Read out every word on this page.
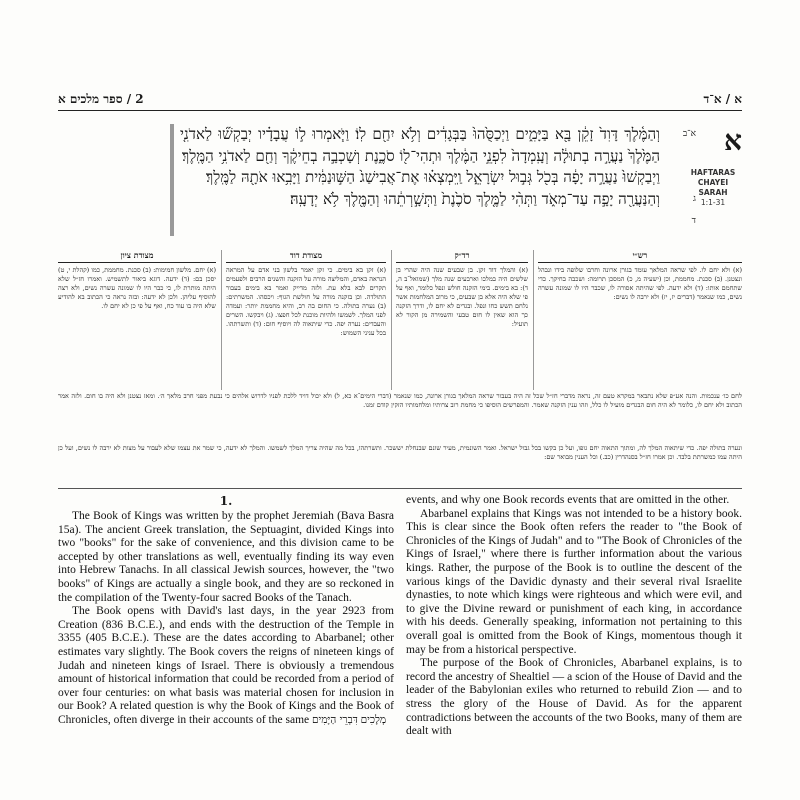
2 / ספר מלכים א	א / א־ד
א
א־ב
ג
ד
HAFTARAS
CHAYEI
SARAH
1:1-31

וְהַמֶּ֫לֶךְ דָּוִד֙ זָקֵ֔ן בָּ֖א בַּיָּמִ֑ים וַיְכַסֻּ֙הוּ֙ בַּבְּגָדִ֔ים וְלֹ֥א יִחַ֖ם לֽוֹ׃ וַיֹּ֧אמְרוּ ל֣וֹ עֲבָדָ֗יו יְבַקְשׁ֞וּ לַאדֹנִ֤י הַמֶּ֙לֶךְ֙ נַעֲרָ֣ה בְתוּלָ֔ה וְעָֽמְדָה֙ לִפְנֵ֣י הַמֶּ֔לֶךְ וּתְהִי־ל֖וֹ סֹכֶ֑נֶת וְשָׁכְבָ֣ה בְחֵיקֶ֔ךָ וְחַ֖ם לַאדֹנִ֥י הַמֶּֽלֶךְ׃

וַיְבַקְשׁוּ֙ נַעֲרָ֣ה יָפָ֔ה בְּכֹ֖ל גְּב֣וּל יִשְׂרָאֵ֑ל וַֽיִּמְצְא֗וּ אֶת־אֲבִישַׁג֙ הַשּׁ֣וּנַמִּ֔ית וַיָּבִ֥אוּ אֹתָ֖הּ לַמֶּֽלֶךְ׃

וְהַנַּעֲרָ֖ה יָפָ֣ה עַד־מְאֹ֑ד וַתְּהִ֨י לַמֶּ֤לֶךְ סֹכֶ֙נֶת֙ וַתְּשָׁ֣רְתֵ֔הוּ וְהַמֶּ֖לֶךְ לֹ֥א יְדָעָֽהּ׃

רש״י
(א) ולא יחם לו. לפי שראה המלאך עומד בגורן ארונה וחרבו שלופה בידו ונבהל ונצטנן. (ב) סכנת. מחממת, וכן (ישעיה מ, כ) המסכן תרומה: ושכבה בחיקך. כדי שתחמם אותו: (ד) ולא ידעה. לפי שהיתה אסורה לו, שכבר היו לו שמונה עשרה נשים, כמו שנאמר (דברים יז, יז) ולא ירבה לו נשים:
רד״ק
(א) והמלך דוד זקן. בן שבעים שנה היה שהרי בן שלשים היה במלכו וארבעים שנה מלך (שמואל־ב ה, ד): בא בימים. בימי הזקנה חולש ונפל כלומר, ואף על פי שלא היה אלא בן שבעים, כי מרוב המלחמות אשר נלחם תשש כחו ונפל. ובגדים לא יחם לו, ודרך הזקנה כך הוא שאין לו חום טבעי והשמירה מן הקור לא תועיל:
מצודת דוד
(א) זקן בא בימים. כי זקן יאמר בלשון בני אדם על המראה הנראה באדם, והמליצה מורה על הזקנה והשנים הרבים ולפעמים תקרים לבא בלא עת. ולזה מדייק ואמר בא בימים בעבור התולדה. וכן בזקנה מורה על חולשת הגוף: ויכסהו. המשרתים: (ב) נערה בתולה. כי החום בה רב, והיא מחממת יותר: ועמדה לפני המלך. לשמשו ולהיות מוכנת לכל חפצו. (ג) ויבקשו. השרים והעבדים: נערה יפה. כדי שיתאוה לה ויוסיף חום: (ד) ותשרתהו. בכל עניני השמוש:
מצודת ציון
(א) יחם. מלשון חמימות: (ב) סכנת. מחממת, כמו (קהלת י, ט) יסכן בם: (ד) ידעה. דוגא ביאור לתשמיש. ואמרו חז״ל שלא היתה מותרת לו, כי כבר היו לו שמונה עשרה נשים, ולא רצה להוסיף עליהן. ולכן לא ידעה: ובזה נראה כי הכתוב בא להודיע שלא היה בו עוד כח, ואף על פי כן לא יחם לו.
לחם כו׳ ענכמות. והנה אע״פ שלא נתבאר במקרא טעם זה, נראה מדברי חז״ל שכל זה היה בעבור שראה המלאך בגורן ארונה, כמו שנאמר (דברי הימים־א כא, ל) ולא יכול דויד ללכת לפניו לדרוש אלהים כי נבעת מפני חרב מלאך ה׳. ומאז נצטנן ולא היה בו חום. ולזה אמר הכתוב ולא יחם לו, כלומר לא היה חום הבגדים מועיל לו כלל, וזהו ענין הזקנה שאמר. והמפרשים הוסיפו כי מחמת רוב צרותיו ומלחמותיו הזקין קודם זמנו.
ונערה בתולה יפה. כדי שיתאוה המלך לה, ומתוך התאוה יחם גופו, ועל כן בקשו בכל גבול ישראל. ואמר השונמית, מעיר שונם שבנחלת יששכר. ותשרתהו, בכל מה שהיה צריך המלך לשמשו. והמלך לא ידעה, כי שמר את עצמו שלא לעבור על מצות לא ירבה לו נשים, ועל כן היתה עמו כמשרתת בלבד. וכן אמרו חז״ל בסנהדרין (כב.) וכל הענין מבואר שם:
1.

The Book of Kings was written by the prophet Jeremiah (Bava Basra 15a). The ancient Greek translation, the Septuagint, divided Kings into two "books" for the sake of convenience, and this division came to be accepted by other translations as well, eventually finding its way even into Hebrew Tanachs. In all classical Jewish sources, however, the "two books" of Kings are actually a single book, and they are so reckoned in the compilation of the Twenty-four sacred Books of the Tanach.

The Book opens with David's last days, in the year 2923 from Creation (836 B.C.E.), and ends with the destruction of the Temple in 3355 (405 B.C.E.). These are the dates according to Abarbanel; other estimates vary slightly. The Book covers the reigns of nineteen kings of Judah and nineteen kings of Israel. There is obviously a tremendous amount of historical information that could be recorded from a period of over four centuries: on what basis was material chosen for inclusion in our Book? A related question is why the Book of Kings and the Book of Chronicles, often diverge in their accounts of the same	מְלָכִים דִּבְרֵי הַיָּמִים

events, and why one Book records events that are omitted in the other.

Abarbanel explains that Kings was not intended to be a history book. This is clear since the Book often refers the reader to "the Book of Chronicles of the Kings of Judah" and to "The Book of Chronicles of the Kings of Israel," where there is further information about the various kings. Rather, the purpose of the Book is to outline the descent of the various kings of the Davidic dynasty and their several rival Israelite dynasties, to note which kings were righteous and which were evil, and to give the Divine reward or punishment of each king, in accordance with his deeds. Generally speaking, information not pertaining to this overall goal is omitted from the Book of Kings, momentous though it may be from a historical perspective.

The purpose of the Book of Chronicles, Abarbanel explains, is to record the ancestry of Shealtiel — a scion of the House of David and the leader of the Babylonian exiles who returned to rebuild Zion — and to stress the glory of the House of David. As for the apparent contradictions between the accounts of the two Books, many of them are dealt with
